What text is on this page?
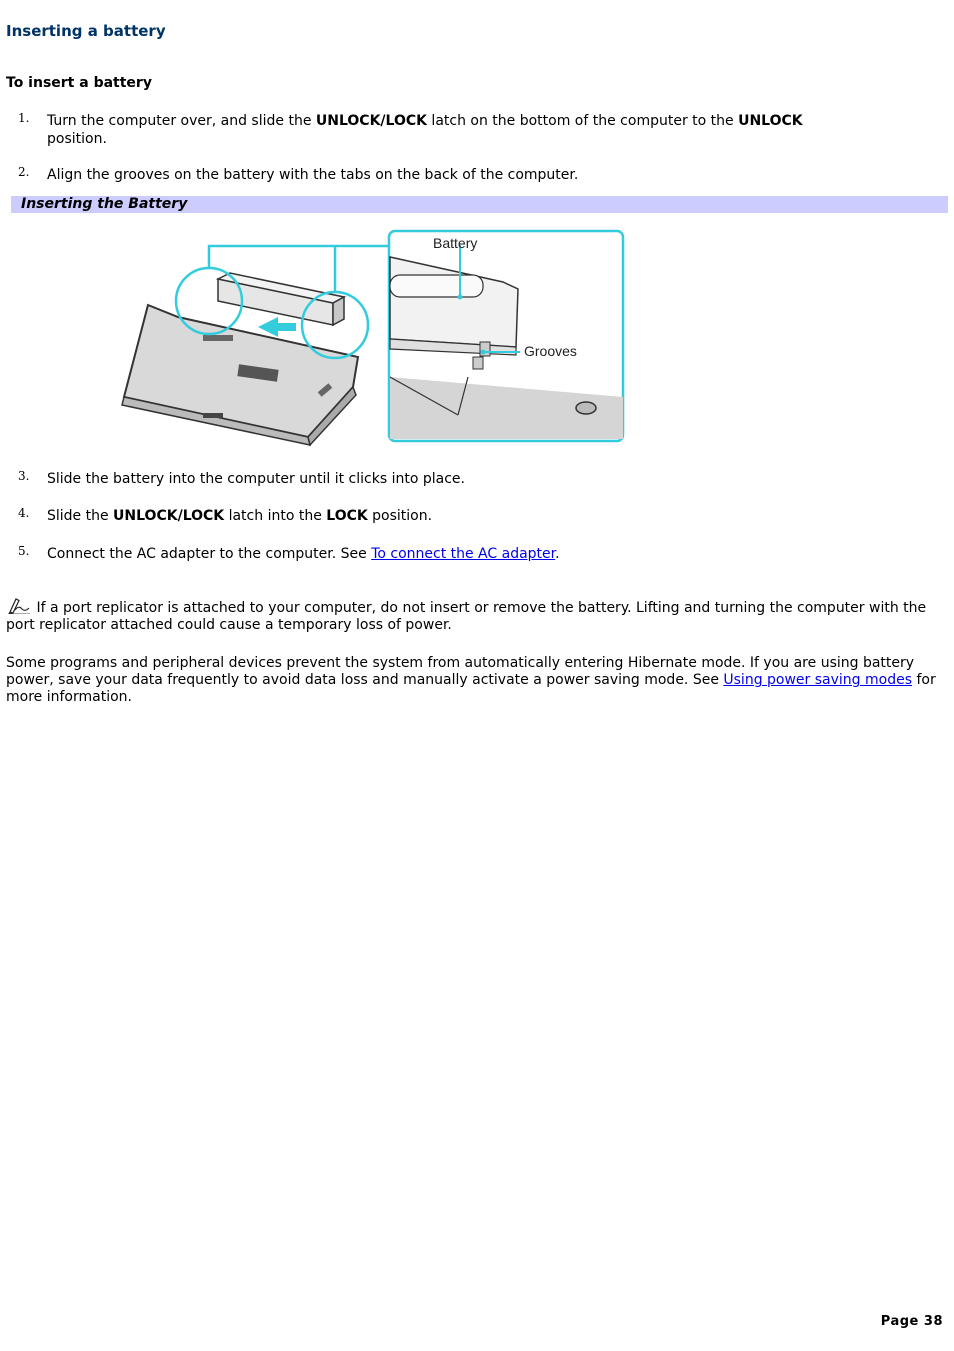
Inserting a battery
To insert a battery
1. Turn the computer over, and slide the UNLOCK/LOCK latch on the bottom of the computer to the UNLOCK
position.
2. Align the grooves on the battery with the tabs on the back of the computer.
Inserting the Battery
Battery
Grooves
3. Slide the battery into the computer until it clicks into place.
4. Slide the UNLOCK/LOCK latch into the LOCK position.
5. Connect the AC adapter to the computer. See To connect the AC adapter.
If a port replicator is attached to your computer, do not insert or remove the battery. Lifting and turning the computer with the port replicator attached could cause a temporary loss of power.
Some programs and peripheral devices prevent the system from automatically entering Hibernate mode. If you are using battery power, save your data frequently to avoid data loss and manually activate a power saving mode. See Using power saving modes for more information.
Page 38
